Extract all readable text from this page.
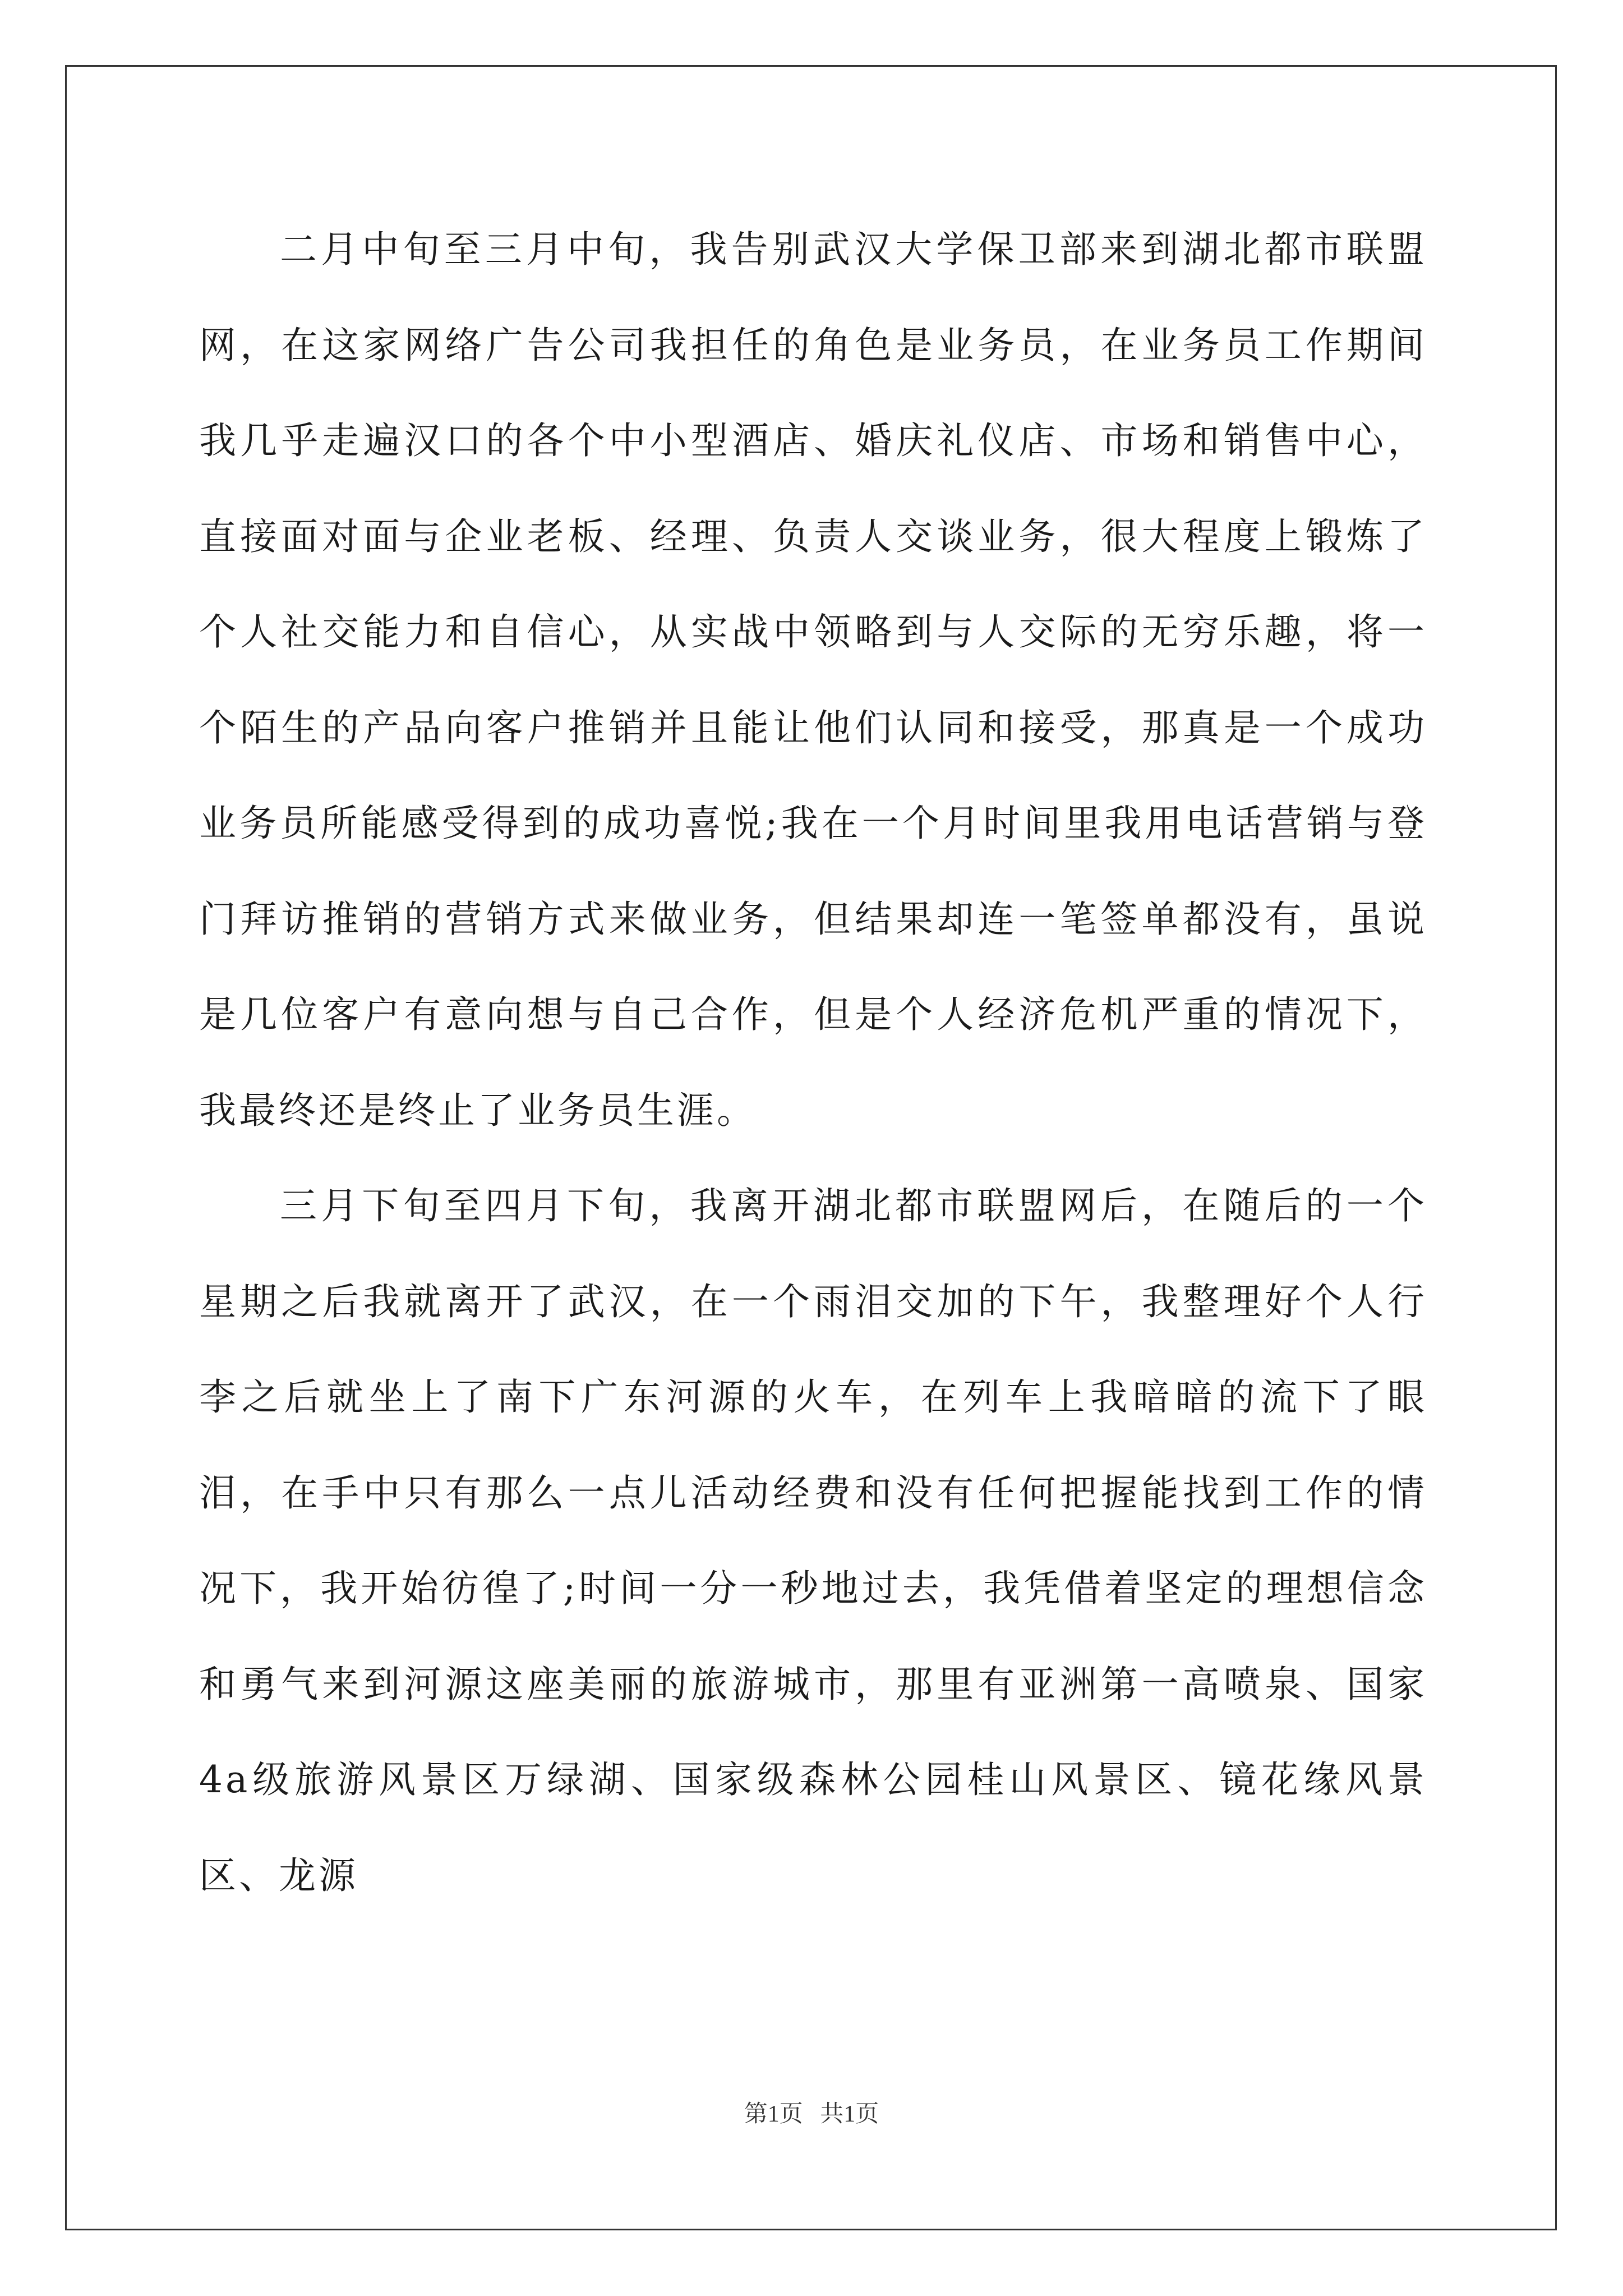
二月中旬至三月中旬，我告别武汉大学保卫部来到湖北都市联盟网，在这家网络广告公司我担任的角色是业务员，在业务员工作期间我几乎走遍汉口的各个中小型酒店、婚庆礼仪店、市场和销售中心，直接面对面与企业老板、经理、负责人交谈业务，很大程度上锻炼了个人社交能力和自信心，从实战中领略到与人交际的无穷乐趣，将一个陌生的产品向客户推销并且能让他们认同和接受，那真是一个成功业务员所能感受得到的成功喜悦;我在一个月时间里我用电话营销与登门拜访推销的营销方式来做业务，但结果却连一笔签单都没有，虽说是几位客户有意向想与自己合作，但是个人经济危机严重的情况下，我最终还是终止了业务员生涯。

三月下旬至四月下旬，我离开湖北都市联盟网后，在随后的一个星期之后我就离开了武汉，在一个雨泪交加的下午，我整理好个人行李之后就坐上了南下广东河源的火车，在列车上我暗暗的流下了眼泪，在手中只有那么一点儿活动经费和没有任何把握能找到工作的情况下，我开始彷徨了;时间一分一秒地过去，我凭借着坚定的理想信念和勇气来到河源这座美丽的旅游城市，那里有亚洲第一高喷泉、国家4a级旅游风景区万绿湖、国家级森林公园桂山风景区、镜花缘风景区、龙源

第1页 共1页
